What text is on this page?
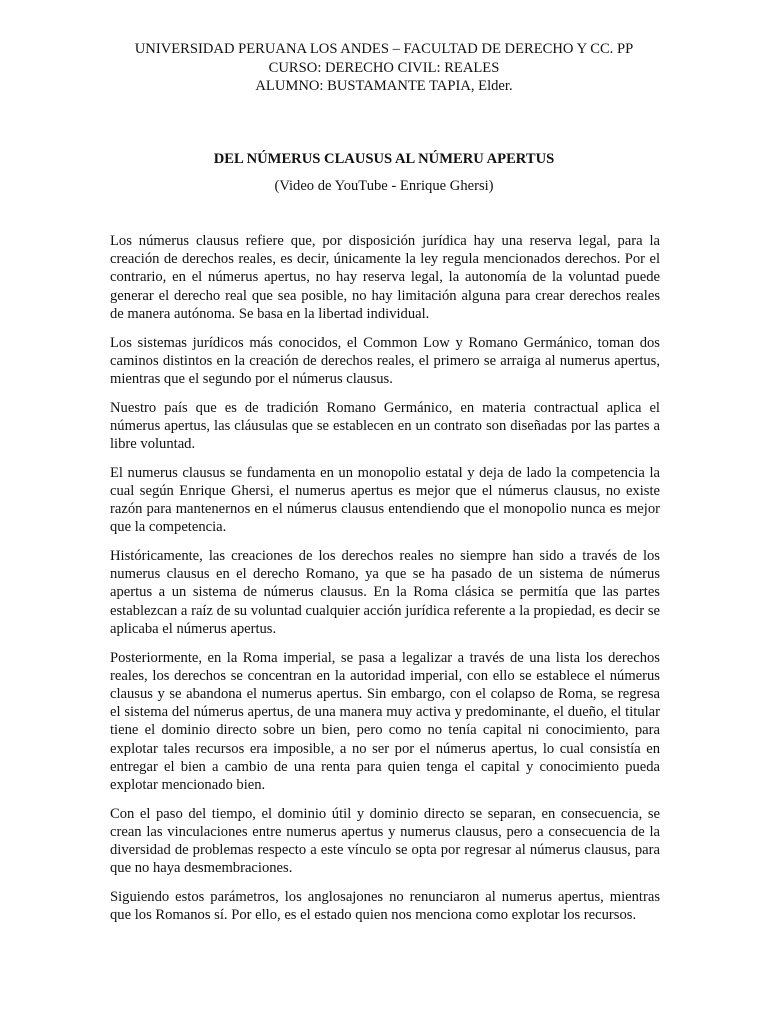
UNIVERSIDAD PERUANA LOS ANDES – FACULTAD DE DERECHO Y CC. PP
CURSO: DERECHO CIVIL: REALES
ALUMNO: BUSTAMANTE TAPIA, Elder.
DEL NÚMERUS CLAUSUS AL NÚMERU APERTUS
(Video de YouTube - Enrique Ghersi)

Los númerus clausus refiere que, por disposición jurídica hay una reserva legal, para la creación de derechos reales, es decir, únicamente la ley regula mencionados derechos. Por el contrario, en el númerus apertus, no hay reserva legal, la autonomía de la voluntad puede generar el derecho real que sea posible, no hay limitación alguna para crear derechos reales de manera autónoma. Se basa en la libertad individual.

Los sistemas jurídicos más conocidos, el Common Low y Romano Germánico, toman dos caminos distintos en la creación de derechos reales, el primero se arraiga al numerus apertus, mientras que el segundo por el númerus clausus.

Nuestro país que es de tradición Romano Germánico, en materia contractual aplica el númerus apertus, las cláusulas que se establecen en un contrato son diseñadas por las partes a libre voluntad.

El numerus clausus se fundamenta en un monopolio estatal y deja de lado la competencia la cual según Enrique Ghersi, el numerus apertus es mejor que el númerus clausus, no existe razón para mantenernos en el númerus clausus entendiendo que el monopolio nunca es mejor que la competencia.

Históricamente, las creaciones de los derechos reales no siempre han sido a través de los numerus clausus en el derecho Romano, ya que se ha pasado de un sistema de númerus apertus a un sistema de númerus clausus. En la Roma clásica se permitía que las partes establezcan a raíz de su voluntad cualquier acción jurídica referente a la propiedad, es decir se aplicaba el númerus apertus.

Posteriormente, en la Roma imperial, se pasa a legalizar a través de una lista los derechos reales, los derechos se concentran en la autoridad imperial, con ello se establece el númerus clausus y se abandona el numerus apertus. Sin embargo, con el colapso de Roma, se regresa el sistema del númerus apertus, de una manera muy activa y predominante, el dueño, el titular tiene el dominio directo sobre un bien, pero como no tenía capital ni conocimiento, para explotar tales recursos era imposible, a no ser por el númerus apertus, lo cual consistía en entregar el bien a cambio de una renta para quien tenga el capital y conocimiento pueda explotar mencionado bien.

Con el paso del tiempo, el dominio útil y dominio directo se separan, en consecuencia, se crean las vinculaciones entre numerus apertus y numerus clausus, pero a consecuencia de la diversidad de problemas respecto a este vínculo se opta por regresar al númerus clausus, para que no haya desmembraciones.

Siguiendo estos parámetros, los anglosajones no renunciaron al numerus apertus, mientras que los Romanos sí. Por ello, es el estado quien nos menciona como explotar los recursos.
